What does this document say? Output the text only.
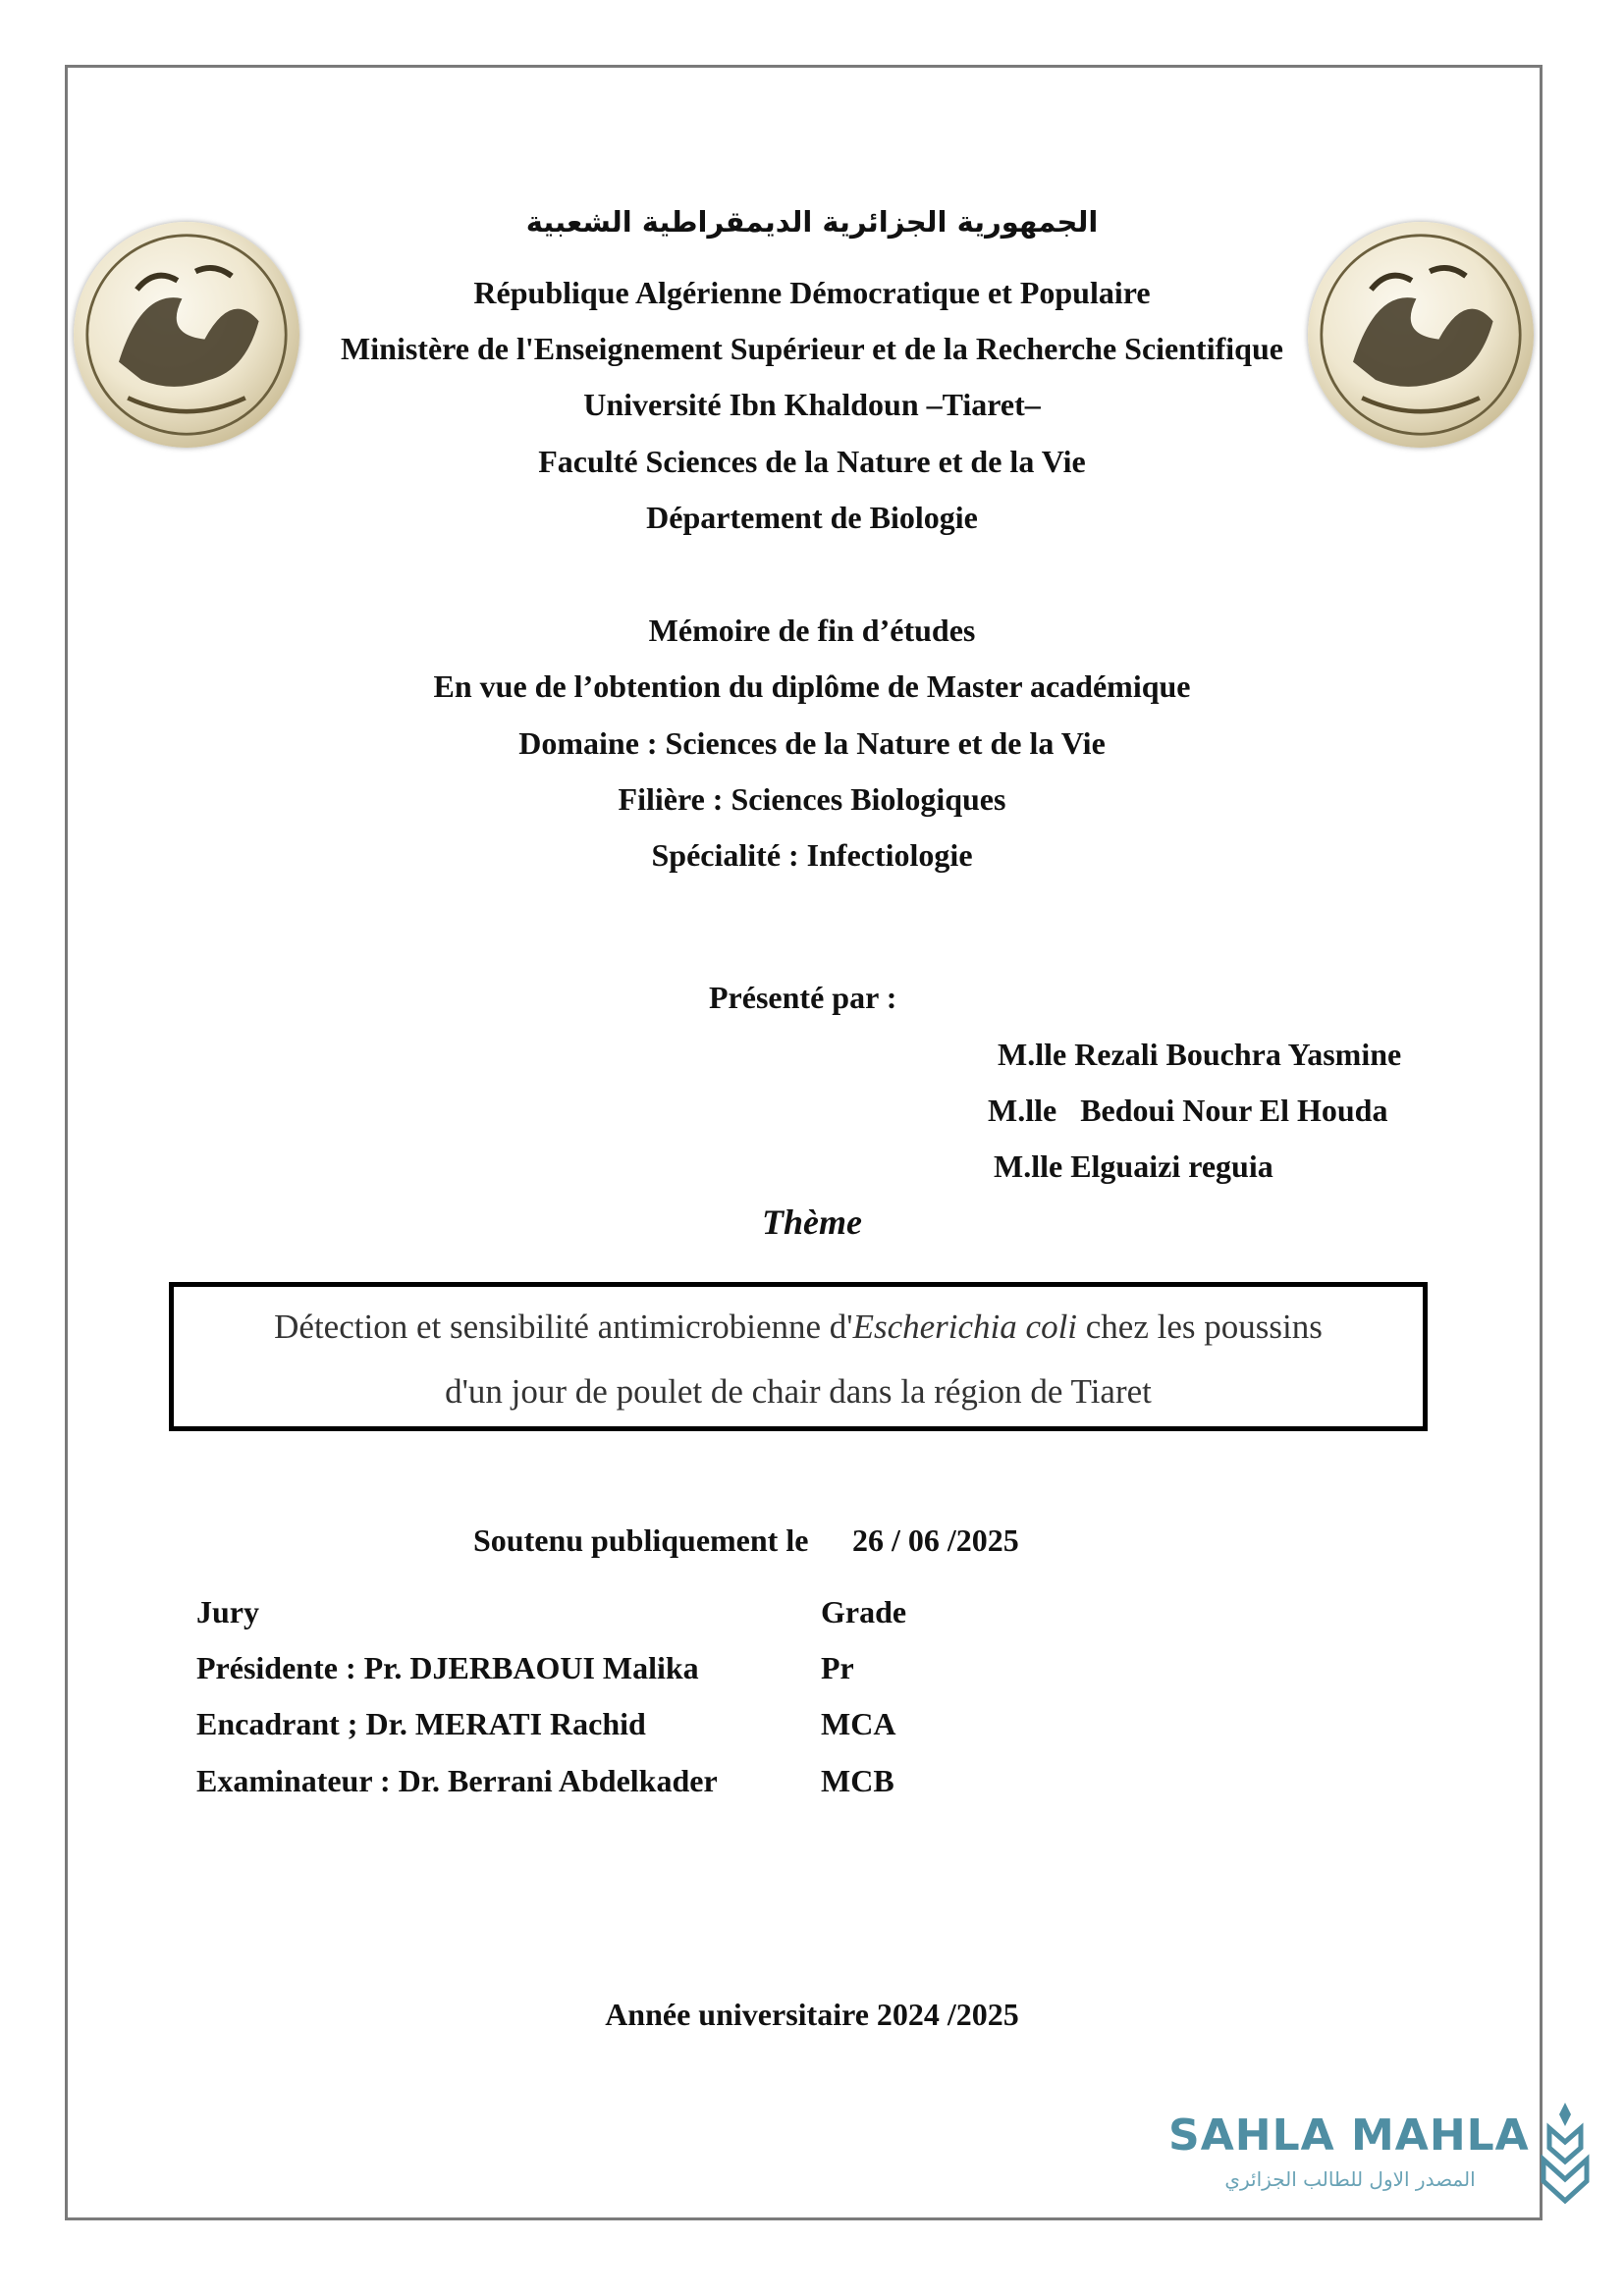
الجمهورية الجزائرية الديمقراطية الشعبية
République Algérienne Démocratique et Populaire
Ministère de l'Enseignement Supérieur et de la Recherche Scientifique
Université Ibn Khaldoun –Tiaret–
Faculté Sciences de la Nature et de la Vie
Département de Biologie
Mémoire de fin d’études
En vue de l’obtention du diplôme de Master académique
Domaine : Sciences de la Nature et de la Vie
Filière : Sciences Biologiques
Spécialité : Infectiologie
Présenté par :
M.lle Rezali Bouchra Yasmine
M.lle   Bedoui Nour El Houda
M.lle Elguaizi reguia
Thème
Détection et sensibilité antimicrobienne d'Escherichia coli chez les poussins
d'un jour de poulet de chair dans la région de Tiaret
Soutenu publiquement le 26 / 06 /2025
Jury	Grade
Présidente : Pr. DJERBAOUI Malika	Pr
Encadrant ; Dr. MERATI Rachid	MCA
Examinateur : Dr. Berrani Abdelkader	MCB
Année universitaire 2024 /2025
SAHLA MAHLA
المصدر الاول للطالب الجزائري
